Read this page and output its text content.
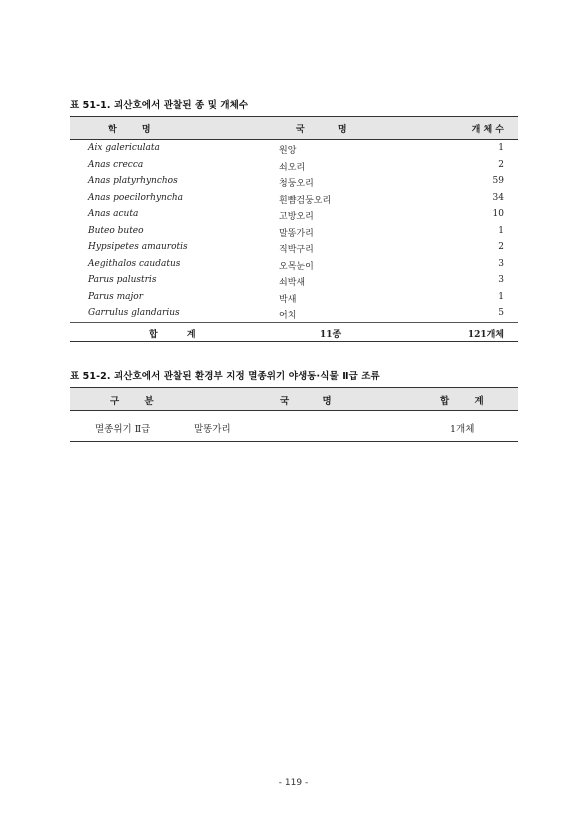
표 51-1. 괴산호에서 관찰된 종 및 개체수
학 명	국 명	개 체 수
Aix galericulata	원앙	1
Anas crecca	쇠오리	2
Anas platyrhynchos	청둥오리	59
Anas poecilorhyncha	흰뺨검둥오리	34
Anas acuta	고방오리	10
Buteo buteo	말똥가리	1
Hypsipetes amaurotis	직박구리	2
Aegithalos caudatus	오목눈이	3
Parus palustris	쇠박새	3
Parus major	박새	1
Garrulus glandarius	어치	5
합 계	11종	121개체
표 51-2. 괴산호에서 관찰된 환경부 지정 멸종위기 야생동·식물 Ⅱ급 조류
구 분	국 명	합 계
멸종위기 Ⅱ급	말똥가리	1개체
- 119 -
